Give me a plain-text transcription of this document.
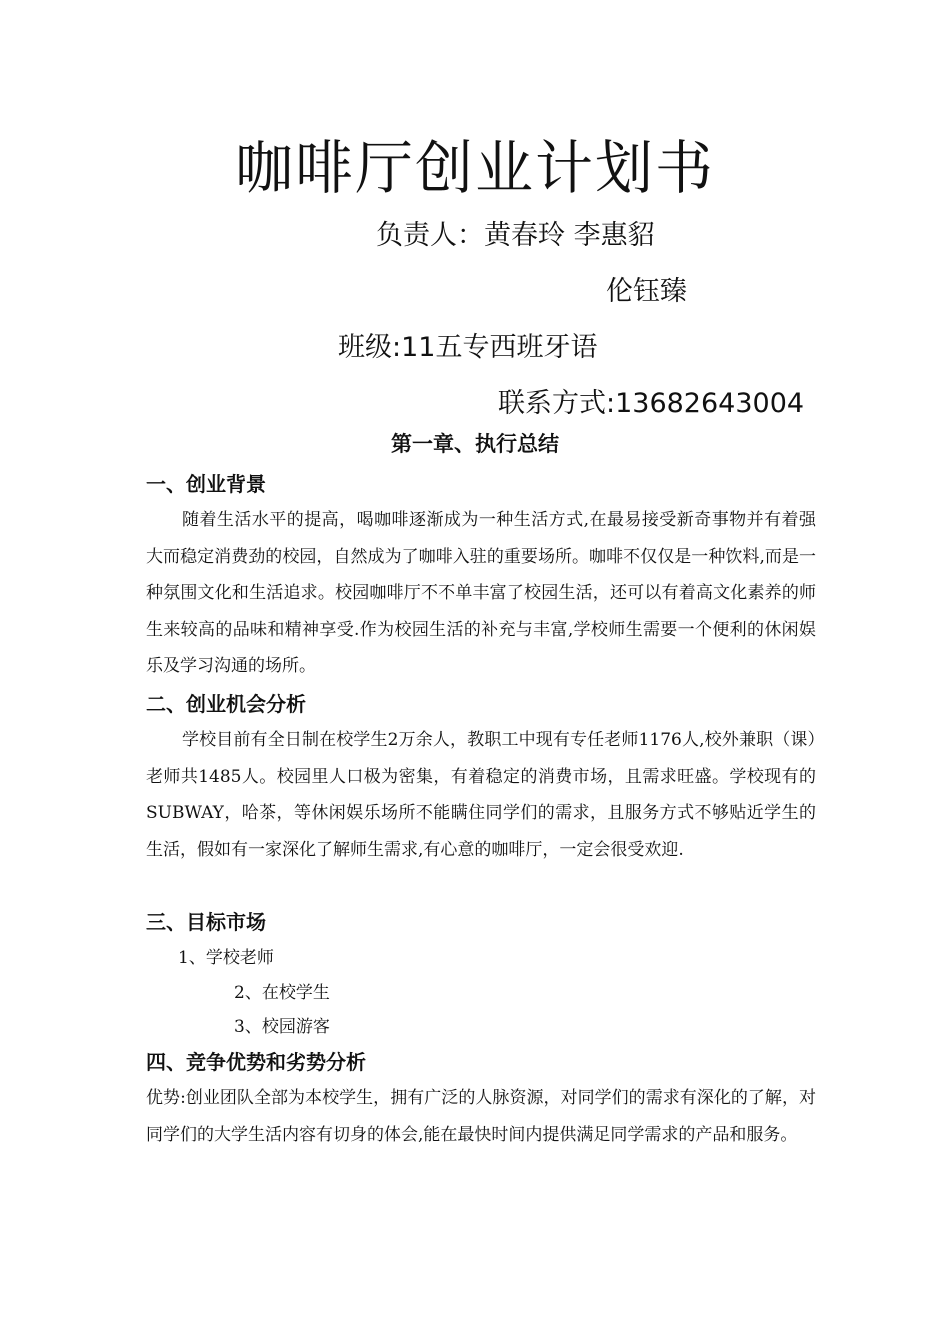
咖啡厅创业计划书
负责人：黄春玲 李惠貂
伦钰臻
班级:11五专西班牙语
联系方式:13682643004
第一章、执行总结
一、创业背景

随着生活水平的提高，喝咖啡逐渐成为一种生活方式,在最易接受新奇事物并有着强大而稳定消费劲的校园，自然成为了咖啡入驻的重要场所。咖啡不仅仅是一种饮料,而是一种氛围文化和生活追求。校园咖啡厅不不单丰富了校园生活，还可以有着高文化素养的师生来较高的品味和精神享受.作为校园生活的补充与丰富,学校师生需要一个便利的休闲娱乐及学习沟通的场所。

二、创业机会分析

学校目前有全日制在校学生2万余人，教职工中现有专任老师1176人,校外兼职（课）老师共1485人。校园里人口极为密集，有着稳定的消费市场，且需求旺盛。学校现有的SUBWAY，哈茶，等休闲娱乐场所不能瞒住同学们的需求，且服务方式不够贴近学生的生活，假如有一家深化了解师生需求,有心意的咖啡厅，一定会很受欢迎.

三、目标市场
1、学校老师
2、在校学生
3、校园游客
四、竞争优势和劣势分析

优势:创业团队全部为本校学生，拥有广泛的人脉资源，对同学们的需求有深化的了解，对同学们的大学生活内容有切身的体会,能在最快时间内提供满足同学需求的产品和服务。
